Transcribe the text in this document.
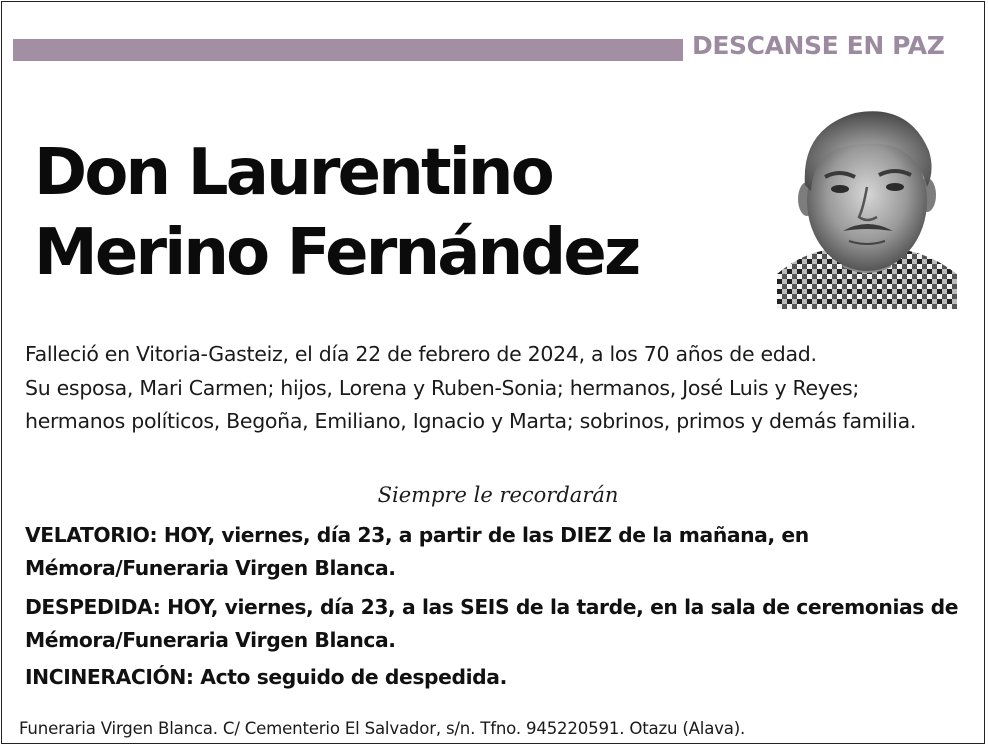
DESCANSE EN PAZ
Don Laurentino
Merino Fernández
Falleció en Vitoria-Gasteiz, el día 22 de febrero de 2024, a los 70 años de edad.
Su esposa, Mari Carmen; hijos, Lorena y Ruben-Sonia; hermanos, José Luis y Reyes; hermanos políticos, Begoña, Emiliano, Ignacio y Marta; sobrinos, primos y demás familia.
Siempre le recordarán
VELATORIO: HOY, viernes, día 23, a partir de las DIEZ de la mañana, en Mémora/Funeraria Virgen Blanca.
DESPEDIDA: HOY, viernes, día 23, a las SEIS de la tarde, en la sala de ceremonias de Mémora/Funeraria Virgen Blanca.
INCINERACIÓN: Acto seguido de despedida.
Funeraria Virgen Blanca. C/ Cementerio El Salvador, s/n. Tfno. 945220591. Otazu (Alava).
